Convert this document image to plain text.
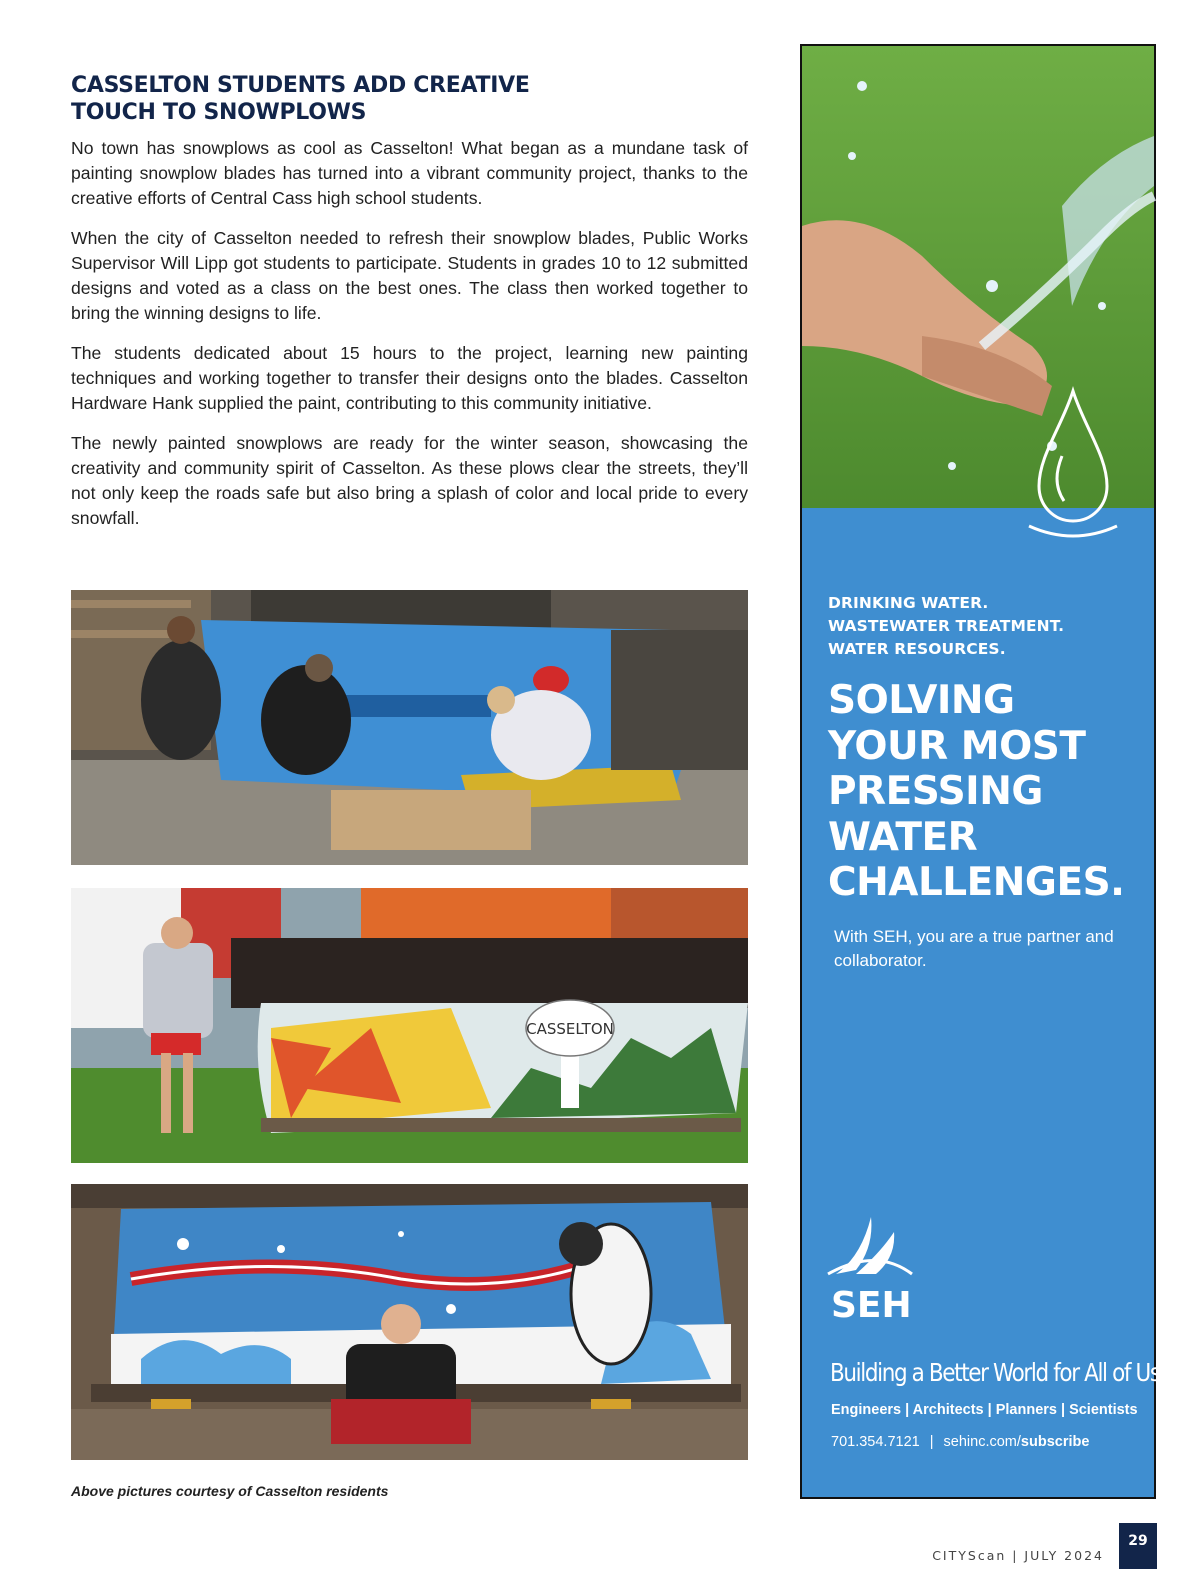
CASSELTON STUDENTS ADD CREATIVE
TOUCH TO SNOWPLOWS

No town has snowplows as cool as Casselton! What began as a mundane task of painting snowplow blades has turned into a vibrant community project, thanks to the creative efforts of Central Cass high school students.

When the city of Casselton needed to refresh their snowplow blades, Public Works Supervisor Will Lipp got students to participate. Students in grades 10 to 12 submitted designs and voted as a class on the best ones. The class then worked together to bring the winning designs to life.

The students dedicated about 15 hours to the project, learning new painting techniques and working together to transfer their designs onto the blades. Casselton Hardware Hank supplied the paint, contributing to this community initiative.

The newly painted snowplows are ready for the winter season, showcasing the creativity and community spirit of Casselton. As these plows clear the streets, they’ll not only keep the roads safe but also bring a splash of color and local pride to every snowfall.

CASSELTON
Above pictures courtesy of Casselton residents
DRINKING WATER.
WASTEWATER TREATMENT.
WATER RESOURCES.
SOLVING
YOUR MOST
PRESSING
WATER
CHALLENGES.
With SEH, you are a true partner and collaborator.
SEH
Building a Better World for All of Us®
Engineers | Architects | Planners | Scientists
701.354.7121 | sehinc.com/subscribe
CITYScan | JULY 2024
29
